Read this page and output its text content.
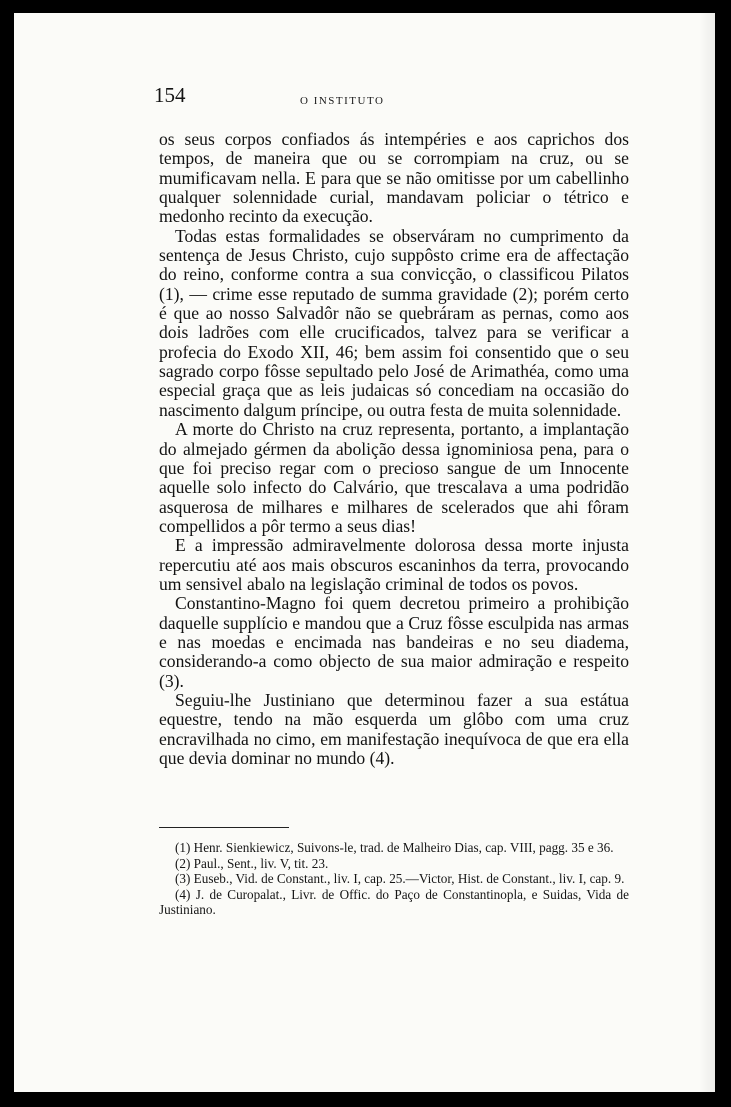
154	O INSTITUTO

os seus corpos confiados ás intempéries e aos caprichos dos tempos, de maneira que ou se corrompiam na cruz, ou se mumificavam nella. E para que se não omitisse por um cabellinho qualquer solennidade curial, mandavam policiar o tétrico e medonho recinto da execução.

Todas estas formalidades se observáram no cumprimento da sentença de Jesus Christo, cujo suppôsto crime era de affectação do reino, conforme contra a sua convicção, o classificou Pilatos (1), — crime esse reputado de summa gravidade (2); porém certo é que ao nosso Salvadôr não se quebráram as pernas, como aos dois ladrões com elle crucificados, talvez para se verificar a profecia do Exodo XII, 46; bem assim foi consentido que o seu sagrado corpo fôsse sepultado pelo José de Arimathéa, como uma especial graça que as leis judaicas só concediam na occasião do nascimento dalgum príncipe, ou outra festa de muita solennidade.

A morte do Christo na cruz representa, portanto, a implantação do almejado gérmen da abolição dessa ignominiosa pena, para o que foi preciso regar com o precioso sangue de um Innocente aquelle solo infecto do Calvário, que trescalava a uma podridão asquerosa de milhares e milhares de scelerados que ahi fôram compellidos a pôr termo a seus dias!

E a impressão admiravelmente dolorosa dessa morte injusta repercutiu até aos mais obscuros escaninhos da terra, provocando um sensivel abalo na legislação criminal de todos os povos.

Constantino-Magno foi quem decretou primeiro a prohibição daquelle supplício e mandou que a Cruz fôsse esculpida nas armas e nas moedas e encimada nas bandeiras e no seu diadema, considerando-a como objecto de sua maior admiração e respeito (3).

Seguiu-lhe Justiniano que determinou fazer a sua estátua equestre, tendo na mão esquerda um glôbo com uma cruz encravilhada no cimo, em manifestação inequívoca de que era ella que devia dominar no mundo (4).

(1) Henr. Sienkiewicz, Suivons-le, trad. de Malheiro Dias, cap. VIII, pagg. 35 e 36.

(2) Paul., Sent., liv. V, tit. 23.

(3) Euseb., Vid. de Constant., liv. I, cap. 25.—Victor, Hist. de Constant., liv. I, cap. 9.

(4) J. de Curopalat., Livr. de Offic. do Paço de Constantinopla, e Suidas, Vida de Justiniano.
